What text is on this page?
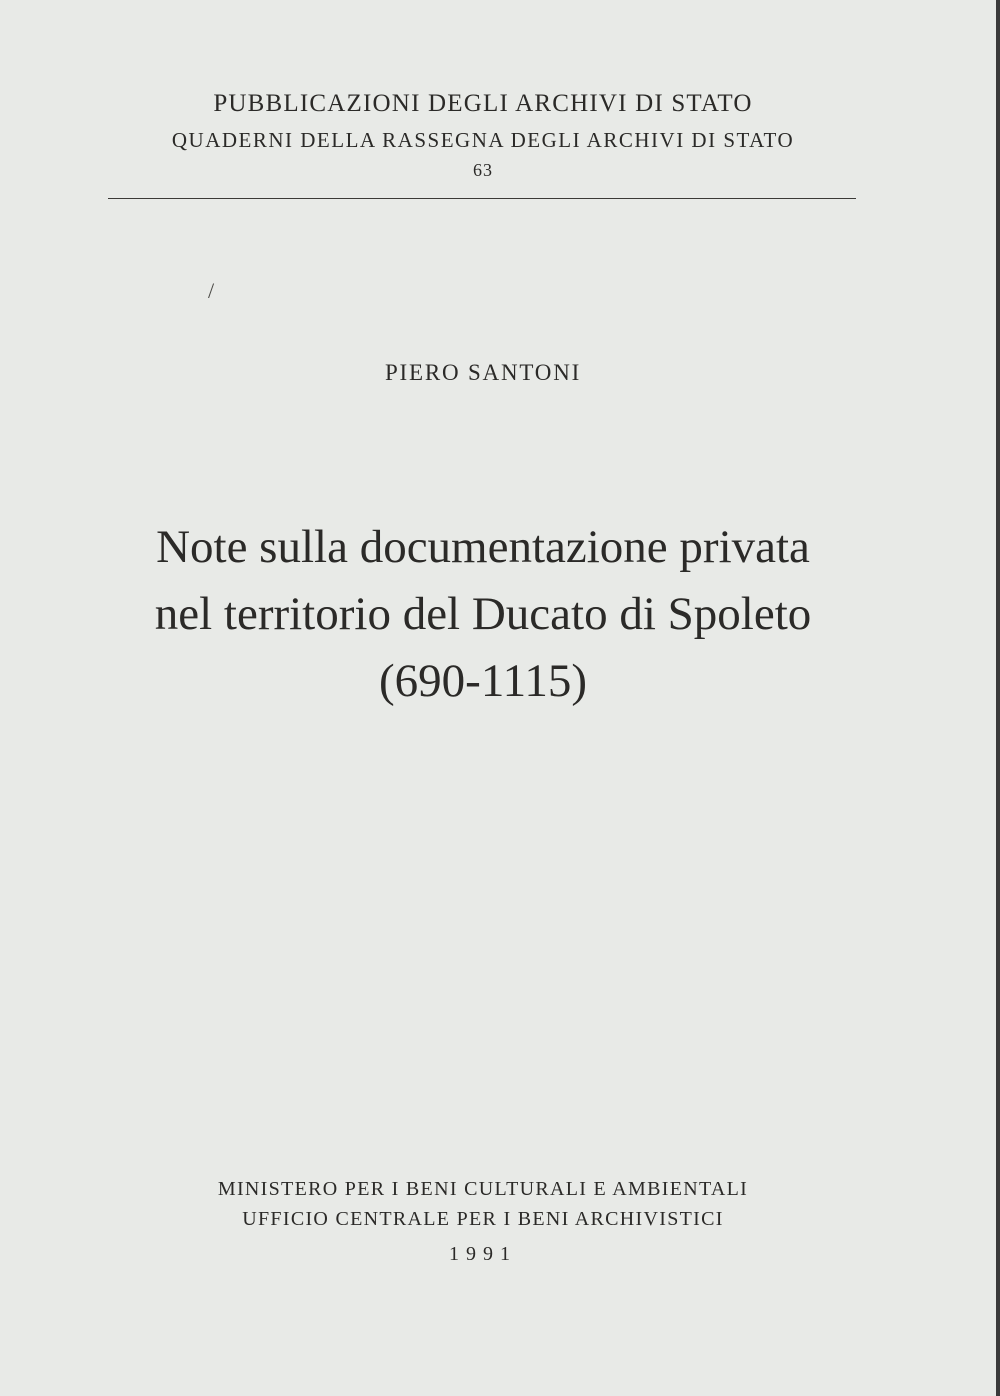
PUBBLICAZIONI DEGLI ARCHIVI DI STATO
QUADERNI DELLA RASSEGNA DEGLI ARCHIVI DI STATO
63
/
PIERO SANTONI
Note sulla documentazione privata
nel territorio del Ducato di Spoleto
(690-1115)
MINISTERO PER I BENI CULTURALI E AMBIENTALI
UFFICIO CENTRALE PER I BENI ARCHIVISTICI
1991
